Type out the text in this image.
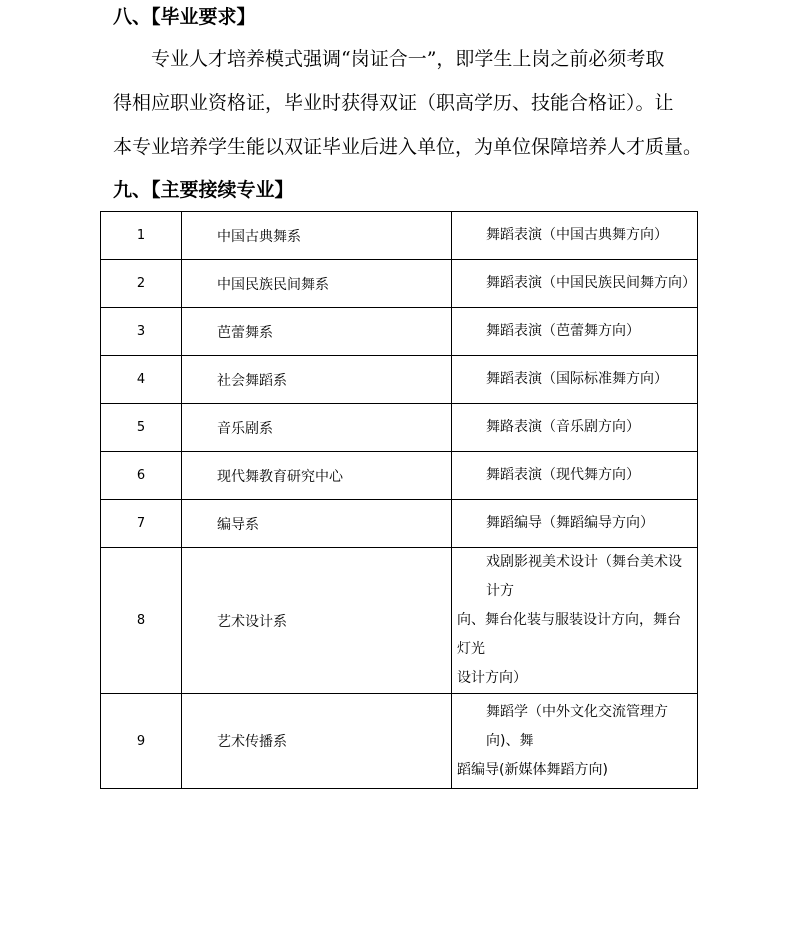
八、【毕业要求】
专业人才培养模式强调“岗证合一”，即学生上岗之前必须考取
得相应职业资格证，毕业时获得双证（职高学历、技能合格证）。让
本专业培养学生能以双证毕业后进入单位，为单位保障培养人才质量。
九、【主要接续专业】
1	中国古典舞系	舞蹈表演（中国古典舞方向）
2	中国民族民间舞系	舞蹈表演（中国民族民间舞方向）
3	芭蕾舞系	舞蹈表演（芭蕾舞方向）
4	社会舞蹈系	舞蹈表演（国际标准舞方向）
5	音乐剧系	舞路表演（音乐剧方向）
6	现代舞教育研究中心	舞蹈表演（现代舞方向）
7	编导系	舞蹈编导（舞蹈编导方向）
8	艺术设计系	戏剧影视美术设计（舞台美术设计方
向、舞台化装与服装设计方向，舞台灯光
设计方向）

9	艺术传播系	舞蹈学（中外文化交流管理方向)、舞
蹈编导(新媒体舞蹈方向)
